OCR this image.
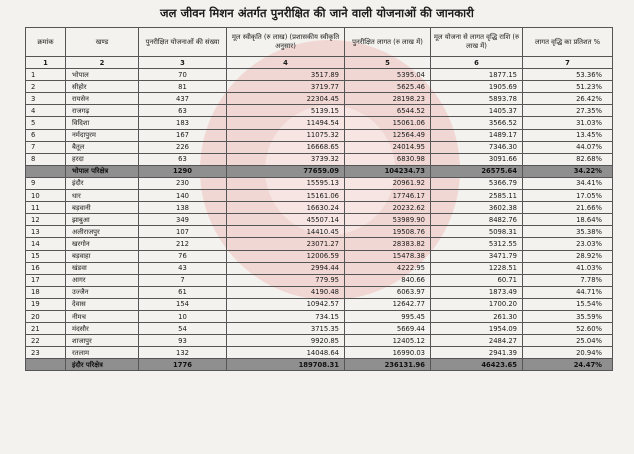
जल जीवन मिशन अंतर्गत पुनरीक्षित की जाने वाली योजनाओं की जानकारी
क्रमांक	खण्ड	पुनरीक्षित योजनाओं की संख्या	मूल स्वीकृति (रु लाख) (प्रशासकीय स्वीकृति अनुसार)	पुनरीक्षित लागत (रु लाख में)	मूल योजना से लागत वृद्धि राशि (रु लाख में)	लागत वृद्धि का प्रतिशत %
1	2	3	4	5	6	7
1	भोपाल	70	3517.89	5395.04	1877.15	53.36%
2	सीहोर	81	3719.77	5625.46	1905.69	51.23%
3	रायसेन	437	22304.45	28198.23	5893.78	26.42%
4	राजगढ़	63	5139.15	6544.52	1405.37	27.35%
5	विदिशा	183	11494.54	15061.06	3566.52	31.03%
6	नर्मदापुरम	167	11075.32	12564.49	1489.17	13.45%
7	बैतूल	226	16668.65	24014.95	7346.30	44.07%
8	हरदा	63	3739.32	6830.98	3091.66	82.68%
	भोपाल परिक्षेत्र	1290	77659.09	104234.73	26575.64	34.22%
9	इंदौर	230	15595.13	20961.92	5366.79	34.41%
10	धार	140	15161.06	17746.17	2585.11	17.05%
11	बड़वानी	138	16630.24	20232.62	3602.38	21.66%
12	झाबुआ	349	45507.14	53989.90	8482.76	18.64%
13	अलीराजपुर	107	14410.45	19508.76	5098.31	35.38%
14	खरगोन	212	23071.27	28383.82	5312.55	23.03%
15	बड़वाहा	76	12006.59	15478.38	3471.79	28.92%
16	खंडवा	43	2994.44	4222.95	1228.51	41.03%
17	आगर	7	779.95	840.66	60.71	7.78%
18	उज्जैन	61	4190.48	6063.97	1873.49	44.71%
19	देवास	154	10942.57	12642.77	1700.20	15.54%
20	नीमच	10	734.15	995.45	261.30	35.59%
21	मंदसौर	54	3715.35	5669.44	1954.09	52.60%
22	शाजापुर	93	9920.85	12405.12	2484.27	25.04%
23	रतलाम	132	14048.64	16990.03	2941.39	20.94%
	इंदौर परिक्षेत्र	1776	189708.31	236131.96	46423.65	24.47%
